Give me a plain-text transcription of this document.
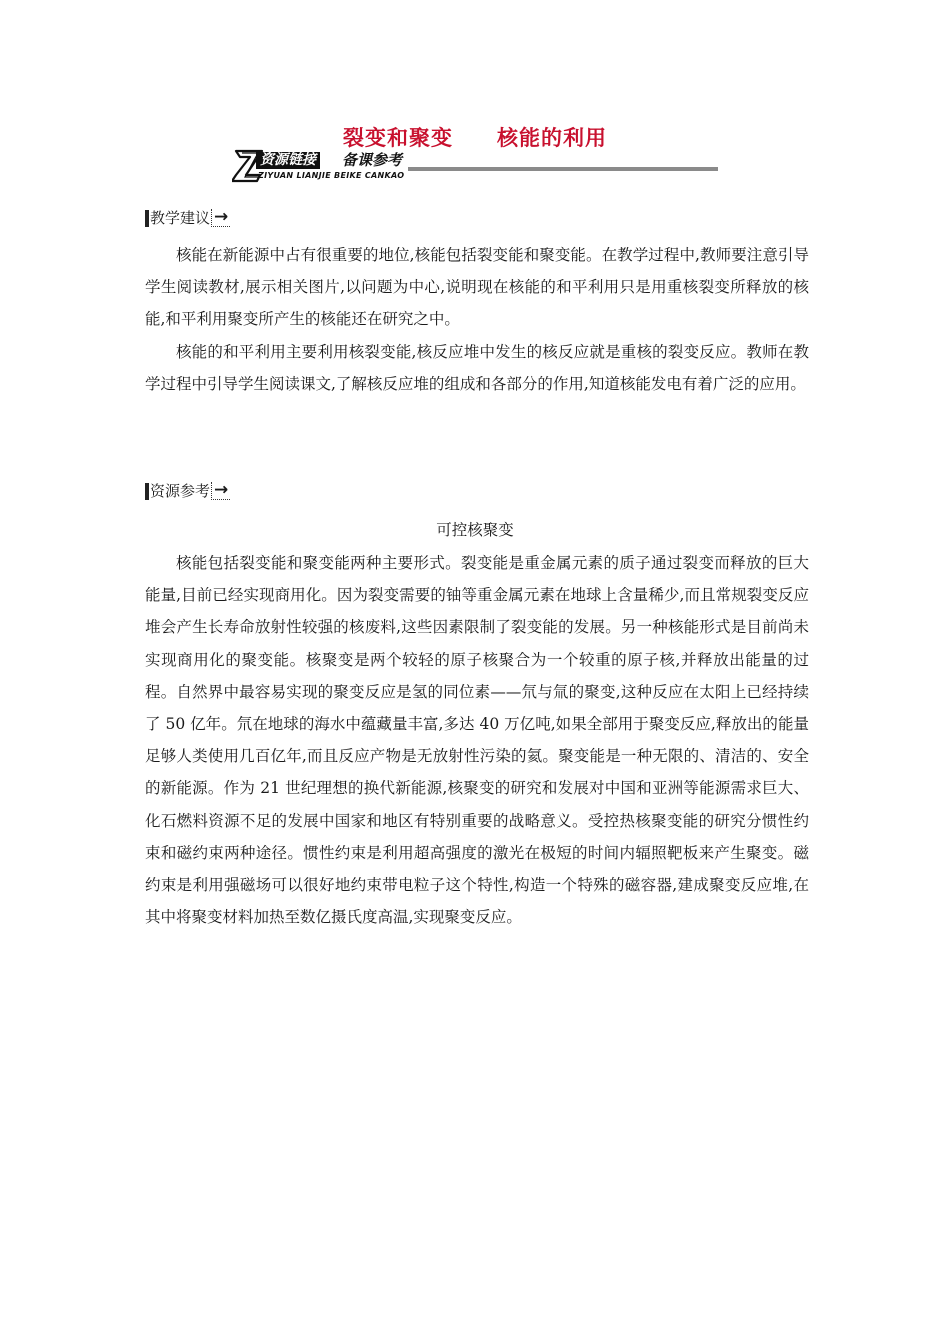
裂变和聚变　　核能的利用
资源链接 备课参考
ZIYUAN LIANJIE BEIKE CANKAO
教学建议 →

核能在新能源中占有很重要的地位,核能包括裂变能和聚变能。在教学过程中,教师要注意引导学生阅读教材,展示相关图片,以问题为中心,说明现在核能的和平利用只是用重核裂变所释放的核能,和平利用聚变所产生的核能还在研究之中。

核能的和平利用主要利用核裂变能,核反应堆中发生的核反应就是重核的裂变反应。教师在教学过程中引导学生阅读课文,了解核反应堆的组成和各部分的作用,知道核能发电有着广泛的应用。

资源参考 →
可控核聚变

核能包括裂变能和聚变能两种主要形式。裂变能是重金属元素的质子通过裂变而释放的巨大能量,目前已经实现商用化。因为裂变需要的铀等重金属元素在地球上含量稀少,而且常规裂变反应堆会产生长寿命放射性较强的核废料,这些因素限制了裂变能的发展。另一种核能形式是目前尚未实现商用化的聚变能。核聚变是两个较轻的原子核聚合为一个较重的原子核,并释放出能量的过程。自然界中最容易实现的聚变反应是氢的同位素——氘与氚的聚变,这种反应在太阳上已经持续了 50 亿年。氘在地球的海水中蕴藏量丰富,多达 40 万亿吨,如果全部用于聚变反应,释放出的能量足够人类使用几百亿年,而且反应产物是无放射性污染的氦。聚变能是一种无限的、清洁的、安全的新能源。作为 21 世纪理想的换代新能源,核聚变的研究和发展对中国和亚洲等能源需求巨大、化石燃料资源不足的发展中国家和地区有特别重要的战略意义。受控热核聚变能的研究分惯性约束和磁约束两种途径。惯性约束是利用超高强度的激光在极短的时间内辐照靶板来产生聚变。磁约束是利用强磁场可以很好地约束带电粒子这个特性,构造一个特殊的磁容器,建成聚变反应堆,在其中将聚变材料加热至数亿摄氏度高温,实现聚变反应。
